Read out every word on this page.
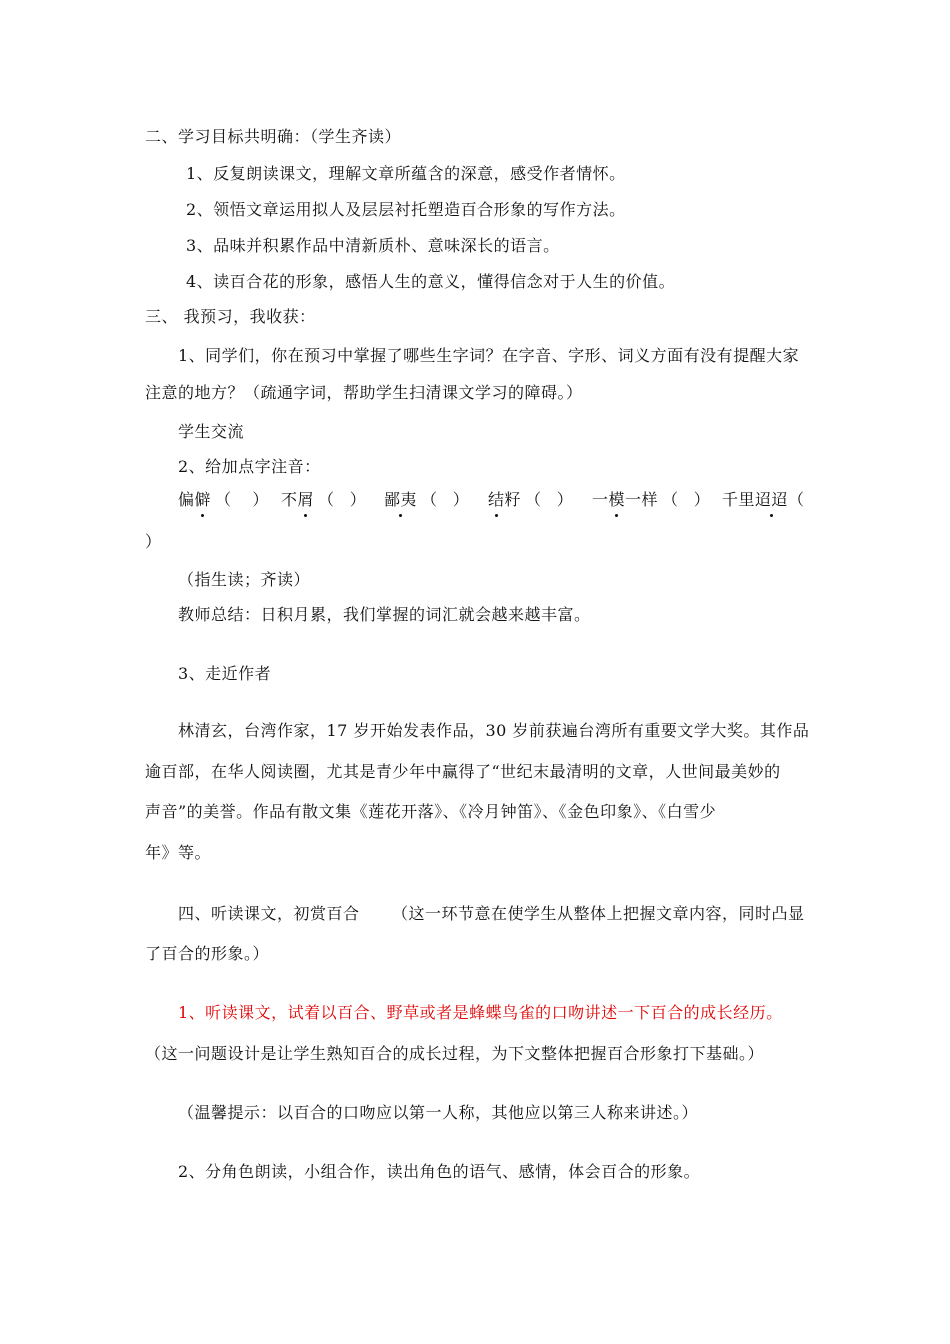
二、学习目标共明确：（学生齐读）
1、反复朗读课文，理解文章所蕴含的深意，感受作者情怀。
2、领悟文章运用拟人及层层衬托塑造百合形象的写作方法。
3、品味并积累作品中清新质朴、意味深长的语言。
4、读百合花的形象，感悟人生的意义，懂得信念对于人生的价值。
三、 我预习，我收获：
1、同学们，你在预习中掌握了哪些生字词？在字音、字形、词义方面有没有提醒大家
注意的地方？（疏通字词，帮助学生扫清课文学习的障碍。）
学生交流
2、给加点字注音：
偏僻 （ ） 不屑 （ ） 鄙夷 （ ） 结籽 （ ） 一模一样 （ ） 千里迢迢（
）
（指生读；齐读）
教师总结：日积月累，我们掌握的词汇就会越来越丰富。
3、走近作者
林清玄，台湾作家，17 岁开始发表作品，30 岁前获遍台湾所有重要文学大奖。其作品
逾百部，在华人阅读圈，尤其是青少年中赢得了“世纪末最清明的文章，人世间最美妙的
声音”的美誉。作品有散文集《莲花开落》、《冷月钟笛》、《金色印象》、《白雪少
年》等。
四、听读课文，初赏百合 （这一环节意在使学生从整体上把握文章内容，同时凸显
了百合的形象。）
1、听读课文，试着以百合、野草或者是蜂蝶鸟雀的口吻讲述一下百合的成长经历。
（这一问题设计是让学生熟知百合的成长过程，为下文整体把握百合形象打下基础。）
（温馨提示：以百合的口吻应以第一人称，其他应以第三人称来讲述。）
2、分角色朗读，小组合作，读出角色的语气、感情，体会百合的形象。
